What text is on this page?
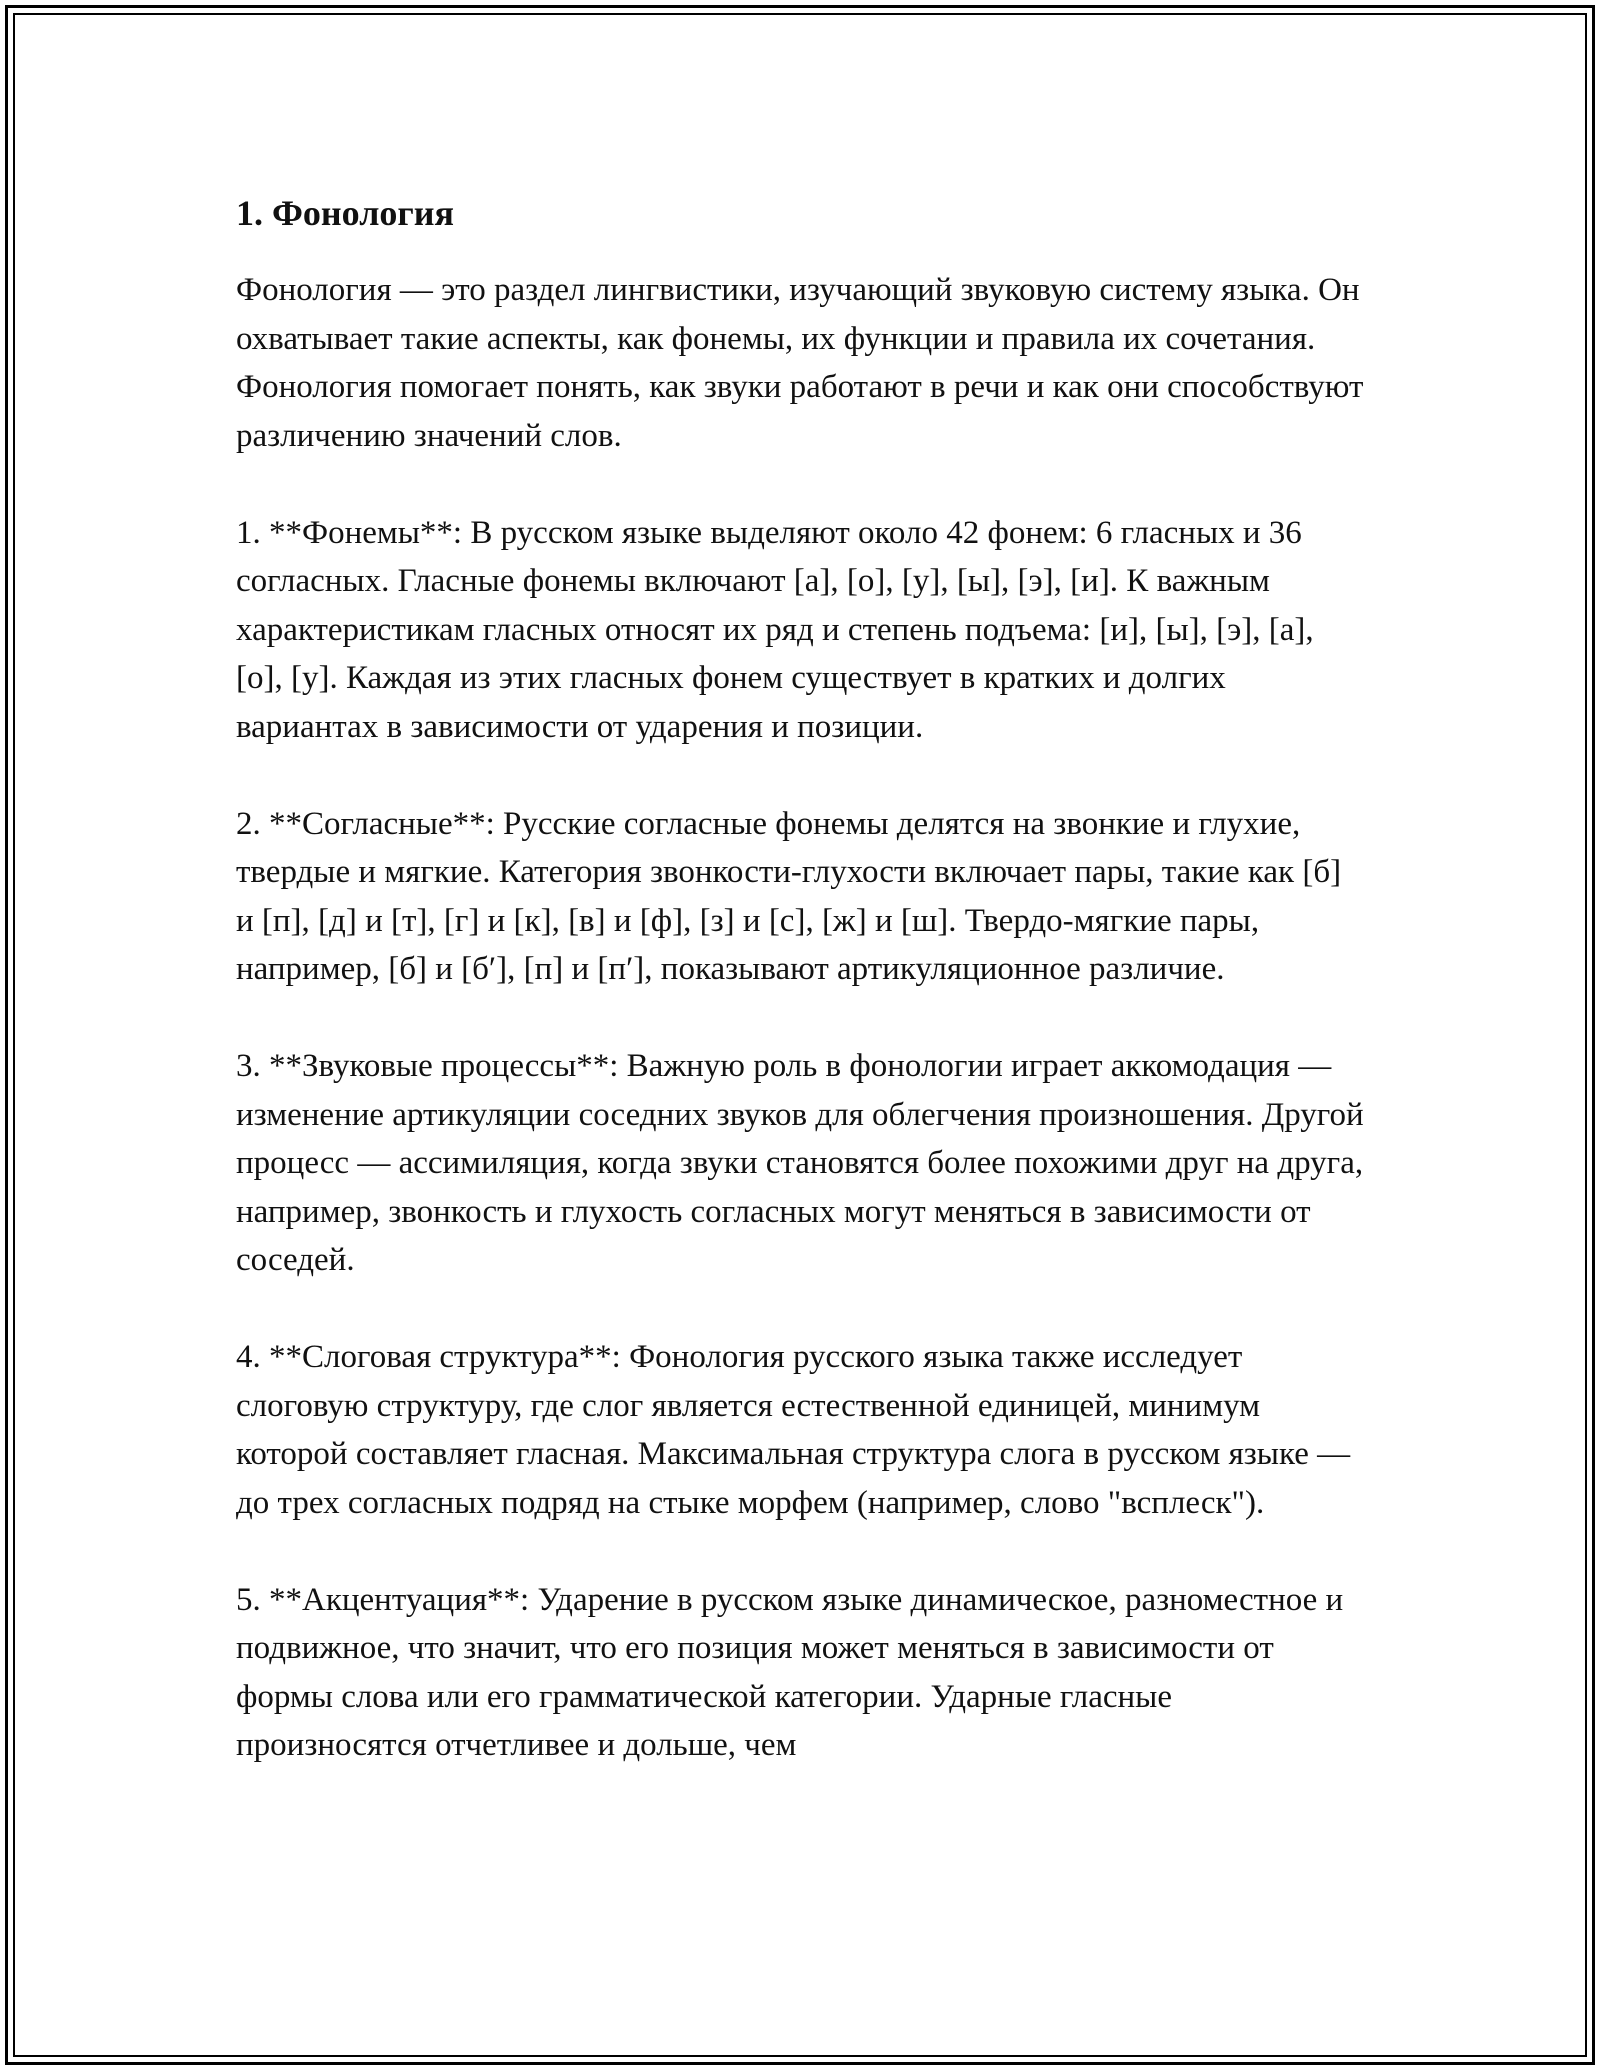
1. Фонология

Фонология — это раздел лингвистики, изучающий звуковую систему языка. Он охватывает такие аспекты, как фонемы, их функции и правила их сочетания. Фонология помогает понять, как звуки работают в речи и как они способствуют различению значений слов.

1. **Фонемы**: В русском языке выделяют около 42 фонем: 6 гласных и 36 согласных. Гласные фонемы включают [а], [о], [у], [ы], [э], [и]. К важным характеристикам гласных относят их ряд и степень подъема: [и], [ы], [э], [а], [о], [у]. Каждая из этих гласных фонем существует в кратких и долгих вариантах в зависимости от ударения и позиции.

2. **Согласные**: Русские согласные фонемы делятся на звонкие и глухие, твердые и мягкие. Категория звонкости-глухости включает пары, такие как [б] и [п], [д] и [т], [г] и [к], [в] и [ф], [з] и [с], [ж] и [ш]. Твердо-мягкие пары, например, [б] и [б′], [п] и [п′], показывают артикуляционное различие.

3. **Звуковые процессы**: Важную роль в фонологии играет аккомодация — изменение артикуляции соседних звуков для облегчения произношения. Другой процесс — ассимиляция, когда звуки становятся более похожими друг на друга, например, звонкость и глухость согласных могут меняться в зависимости от соседей.

4. **Слоговая структура**: Фонология русского языка также исследует слоговую структуру, где слог является естественной единицей, минимум которой составляет гласная. Максимальная структура слога в русском языке — до трех согласных подряд на стыке морфем (например, слово "всплеск").

5. **Акцентуация**: Ударение в русском языке динамическое, разноместное и подвижное, что значит, что его позиция может меняться в зависимости от формы слова или его грамматической категории. Ударные гласные произносятся отчетливее и дольше, чем
